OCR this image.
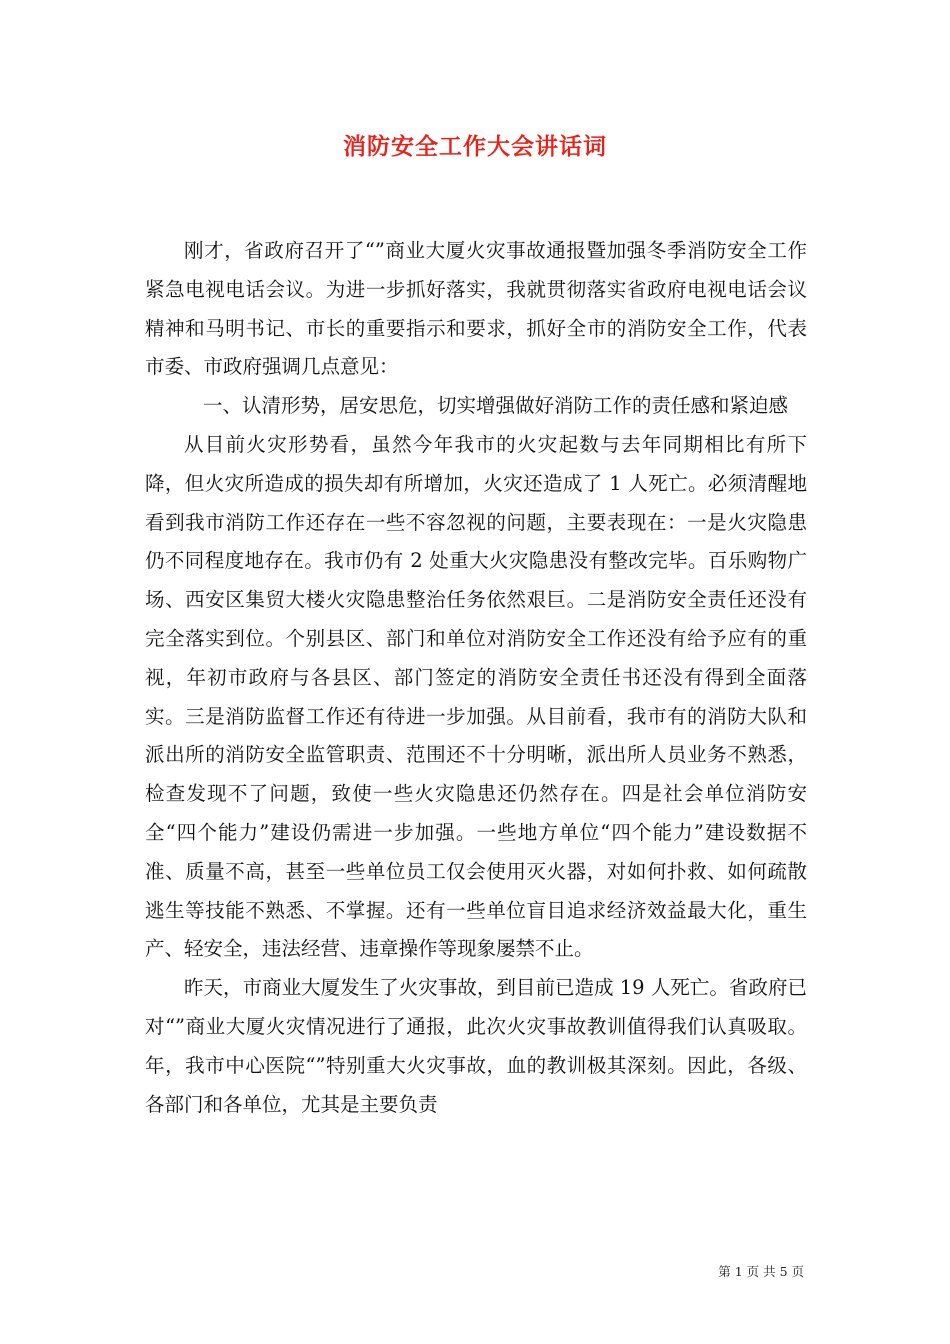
消防安全工作大会讲话词

刚才，省政府召开了“”商业大厦火灾事故通报暨加强冬季消防安全工作紧急电视电话会议。为进一步抓好落实，我就贯彻落实省政府电视电话会议精神和马明书记、市长的重要指示和要求，抓好全市的消防安全工作，代表市委、市政府强调几点意见：

一、认清形势，居安思危，切实增强做好消防工作的责任感和紧迫感

从目前火灾形势看，虽然今年我市的火灾起数与去年同期相比有所下降，但火灾所造成的损失却有所增加，火灾还造成了 1 人死亡。必须清醒地看到我市消防工作还存在一些不容忽视的问题，主要表现在：一是火灾隐患仍不同程度地存在。我市仍有 2 处重大火灾隐患没有整改完毕。百乐购物广场、西安区集贸大楼火灾隐患整治任务依然艰巨。二是消防安全责任还没有完全落实到位。个别县区、部门和单位对消防安全工作还没有给予应有的重视，年初市政府与各县区、部门签定的消防安全责任书还没有得到全面落实。三是消防监督工作还有待进一步加强。从目前看，我市有的消防大队和派出所的消防安全监管职责、范围还不十分明晰，派出所人员业务不熟悉，检查发现不了问题，致使一些火灾隐患还仍然存在。四是社会单位消防安全“四个能力”建设仍需进一步加强。一些地方单位“四个能力”建设数据不准、质量不高，甚至一些单位员工仅会使用灭火器，对如何扑救、如何疏散逃生等技能不熟悉、不掌握。还有一些单位盲目追求经济效益最大化，重生产、轻安全，违法经营、违章操作等现象屡禁不止。

昨天，市商业大厦发生了火灾事故，到目前已造成 19 人死亡。省政府已对“”商业大厦火灾情况进行了通报，此次火灾事故教训值得我们认真吸取。年，我市中心医院“”特别重大火灾事故，血的教训极其深刻。因此，各级、各部门和各单位，尤其是主要负责

第 1 页 共 5 页
